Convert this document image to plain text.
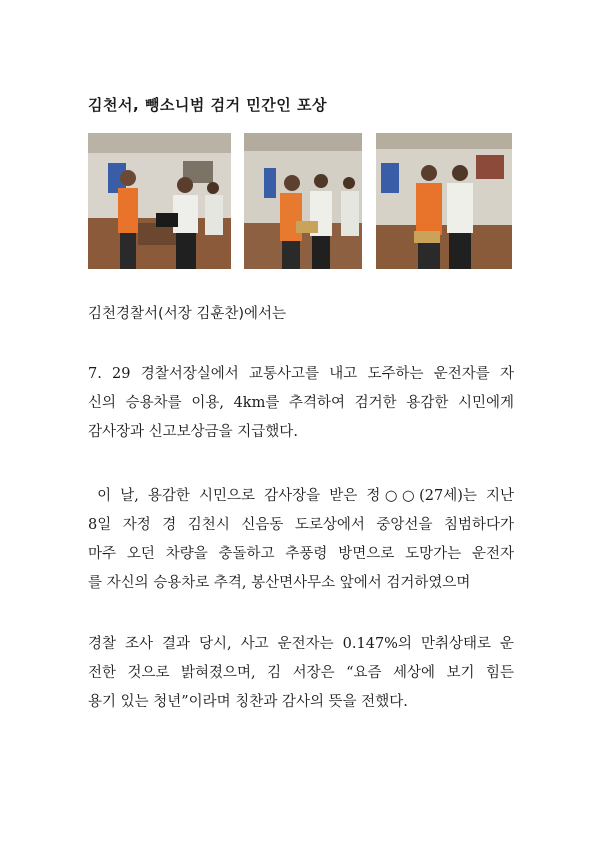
김천서, 뺑소니범 검거 민간인 포상
김천경찰서(서장 김훈찬)에서는
7. 29 경찰서장실에서 교통사고를 내고 도주하는 운전자를 자
신의 승용차를 이용, 4km를 추격하여 검거한 용감한 시민에게
감사장과 신고보상금을 지급했다.
이 날, 용감한 시민으로 감사장을 받은 정○○(27세)는 지난
8일 자정 경 김천시 신음동 도로상에서 중앙선을 침범하다가
마주 오던 차량을 충돌하고 추풍령 방면으로 도망가는 운전자
를 자신의 승용차로 추격, 봉산면사무소 앞에서 검거하였으며
경찰 조사 결과 당시, 사고 운전자는 0.147%의 만취상태로 운
전한 것으로 밝혀졌으며, 김 서장은 “요즘 세상에 보기 힘든
용기 있는 청년”이라며 칭찬과 감사의 뜻을 전했다.
